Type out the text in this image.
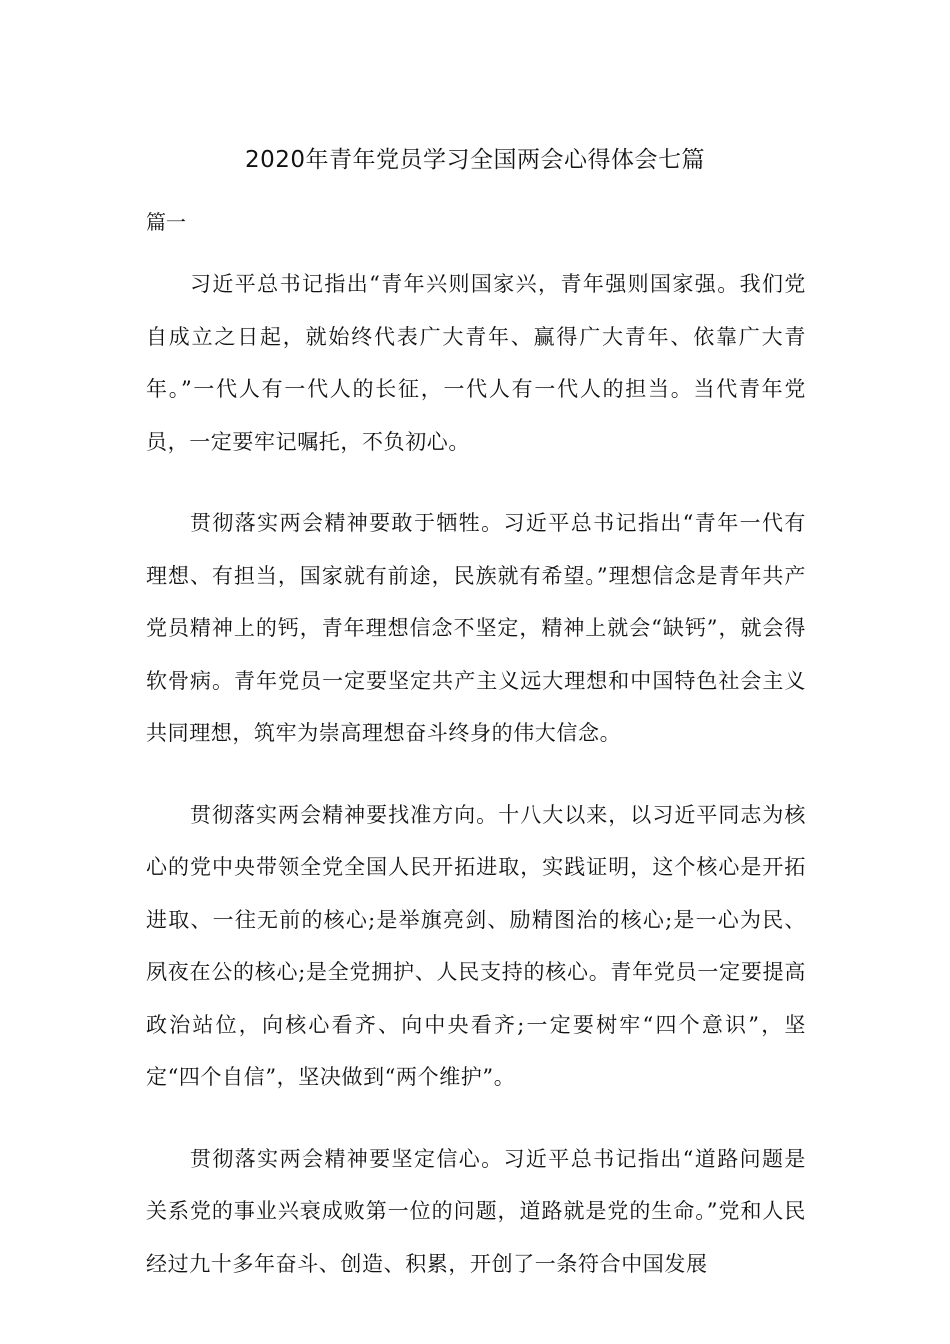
2020年青年党员学习全国两会心得体会七篇

篇一

习近平总书记指出“青年兴则国家兴，青年强则国家强。我们党自成立之日起，就始终代表广大青年、赢得广大青年、依靠广大青年。”一代人有一代人的长征，一代人有一代人的担当。当代青年党员，一定要牢记嘱托，不负初心。

贯彻落实两会精神要敢于牺牲。习近平总书记指出“青年一代有理想、有担当，国家就有前途，民族就有希望。”理想信念是青年共产党员精神上的钙，青年理想信念不坚定，精神上就会“缺钙”，就会得软骨病。青年党员一定要坚定共产主义远大理想和中国特色社会主义共同理想，筑牢为崇高理想奋斗终身的伟大信念。

贯彻落实两会精神要找准方向。十八大以来，以习近平同志为核心的党中央带领全党全国人民开拓进取，实践证明，这个核心是开拓进取、一往无前的核心;是举旗亮剑、励精图治的核心;是一心为民、夙夜在公的核心;是全党拥护、人民支持的核心。青年党员一定要提高政治站位，向核心看齐、向中央看齐;一定要树牢“四个意识”，坚定“四个自信”，坚决做到“两个维护”。

贯彻落实两会精神要坚定信心。习近平总书记指出“道路问题是关系党的事业兴衰成败第一位的问题，道路就是党的生命。”党和人民经过九十多年奋斗、创造、积累，开创了一条符合中国发展
